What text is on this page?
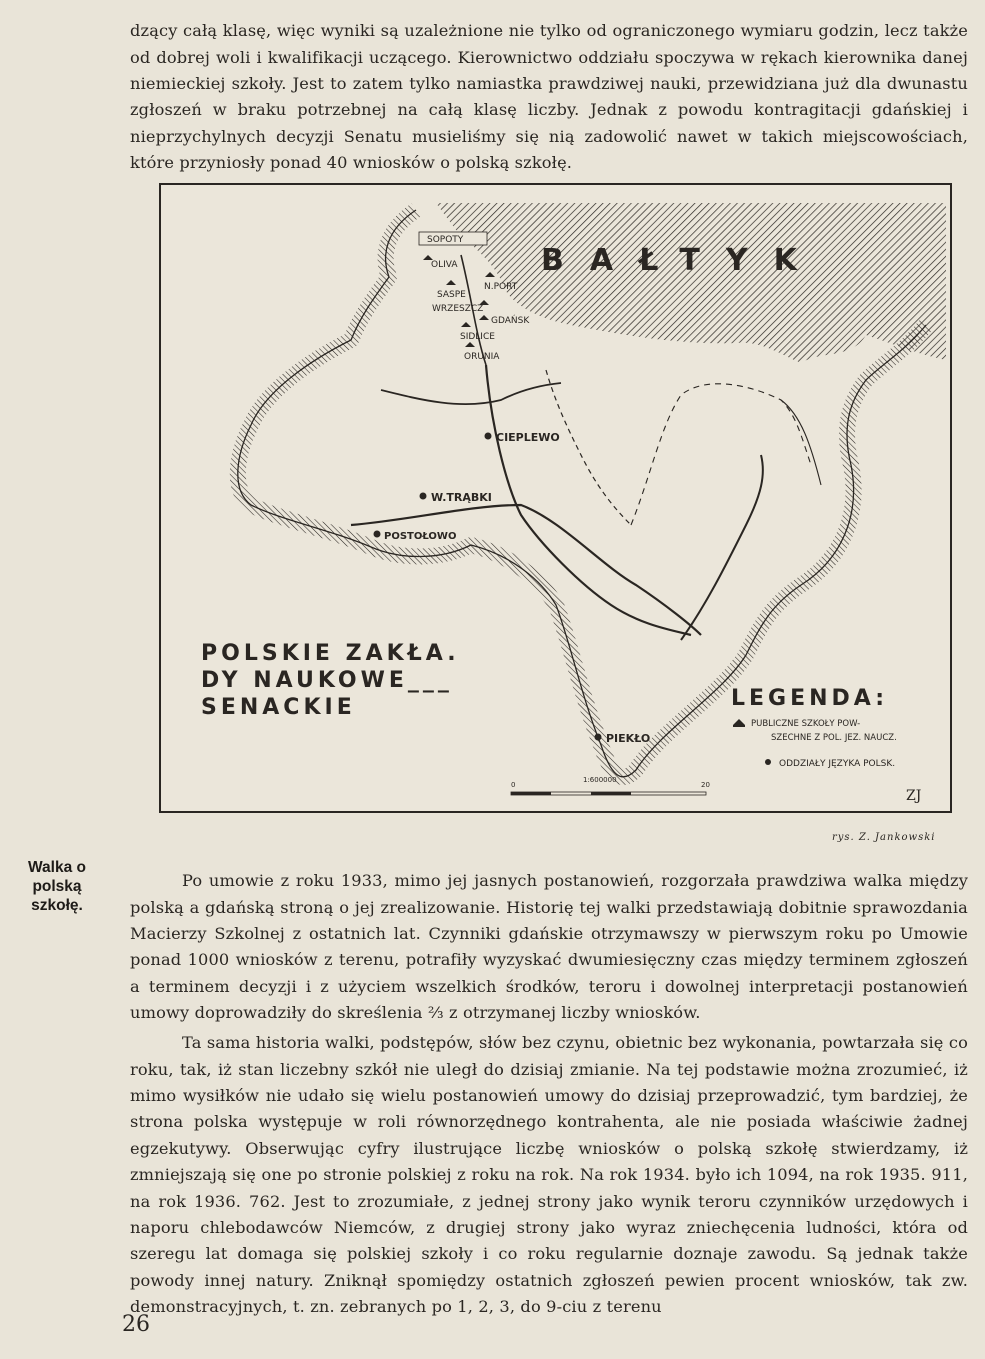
dzący całą klasę, więc wyniki są uzależnione nie tylko od ograniczonego wymiaru godzin, lecz także od dobrej woli i kwalifikacji uczącego. Kierownictwo oddziału spoczywa w rękach kierownika danej niemieckiej szkoły. Jest to zatem tylko namiastka prawdziwej nauki, przewidziana już dla dwunastu zgłoszeń w braku potrzebnej na całą klasę liczby. Jednak z powodu kontragitacji gdańskiej i nieprzychylnych decyzji Senatu musieliśmy się nią zadowolić nawet w takich miejscowościach, które przyniosły ponad 40 wniosków o polską szkołę.

BAŁTYK
SOPOTY
OLIVA
N.PORT
SASPE
WRZESZCZ
GDAŃSK
SIDLICE
ORUNIA
CIEPLEWO
W.TRĄBKI
POSTOŁOWO
PIEKŁO
POLSKIE ZAKŁA.
DY NAUKOWE___
SENACKIE	LEGENDA:
PUBLICZNE SZKOŁY POW-
SZECHNE Z POL. JEZ. NAUCZ.
ODDZIAŁY JĘZYKA POLSK.
1:600000
0	20
ZJ
rys. Z. Jankowski
Walka o polską szkołę.

Po umowie z roku 1933, mimo jej jasnych postanowień, rozgorzała prawdziwa walka między polską a gdańską stroną o jej zrealizowanie. Historię tej walki przedstawiają dobitnie sprawozdania Macierzy Szkolnej z ostatnich lat. Czynniki gdańskie otrzymawszy w pierwszym roku po Umowie ponad 1000 wniosków z terenu, potrafiły wyzyskać dwumiesięczny czas między terminem zgłoszeń a terminem decyzji i z użyciem wszelkich środków, teroru i dowolnej interpretacji postanowień umowy doprowadziły do skreślenia ⅔ z otrzymanej liczby wniosków.

Ta sama historia walki, podstępów, słów bez czynu, obietnic bez wykonania, powtarzała się co roku, tak, iż stan liczebny szkół nie uległ do dzisiaj zmianie. Na tej podstawie można zrozumieć, iż mimo wysiłków nie udało się wielu postanowień umowy do dzisiaj przeprowadzić, tym bardziej, że strona polska występuje w roli równorzędnego kontrahenta, ale nie posiada właściwie żadnej egzekutywy. Obserwując cyfry ilustrujące liczbę wniosków o polską szkołę stwierdzamy, iż zmniejszają się one po stronie polskiej z roku na rok. Na rok 1934. było ich 1094, na rok 1935. 911, na rok 1936. 762. Jest to zrozumiałe, z jednej strony jako wynik teroru czynników urzędowych i naporu chlebodawców Niemców, z drugiej strony jako wyraz zniechęcenia ludności, która od szeregu lat domaga się polskiej szkoły i co roku regularnie doznaje zawodu. Są jednak także powody innej natury. Zniknął spomiędzy ostatnich zgłoszeń pewien procent wniosków, tak zw. demonstracyjnych, t. zn. zebranych po 1, 2, 3, do 9-ciu z terenu

26
